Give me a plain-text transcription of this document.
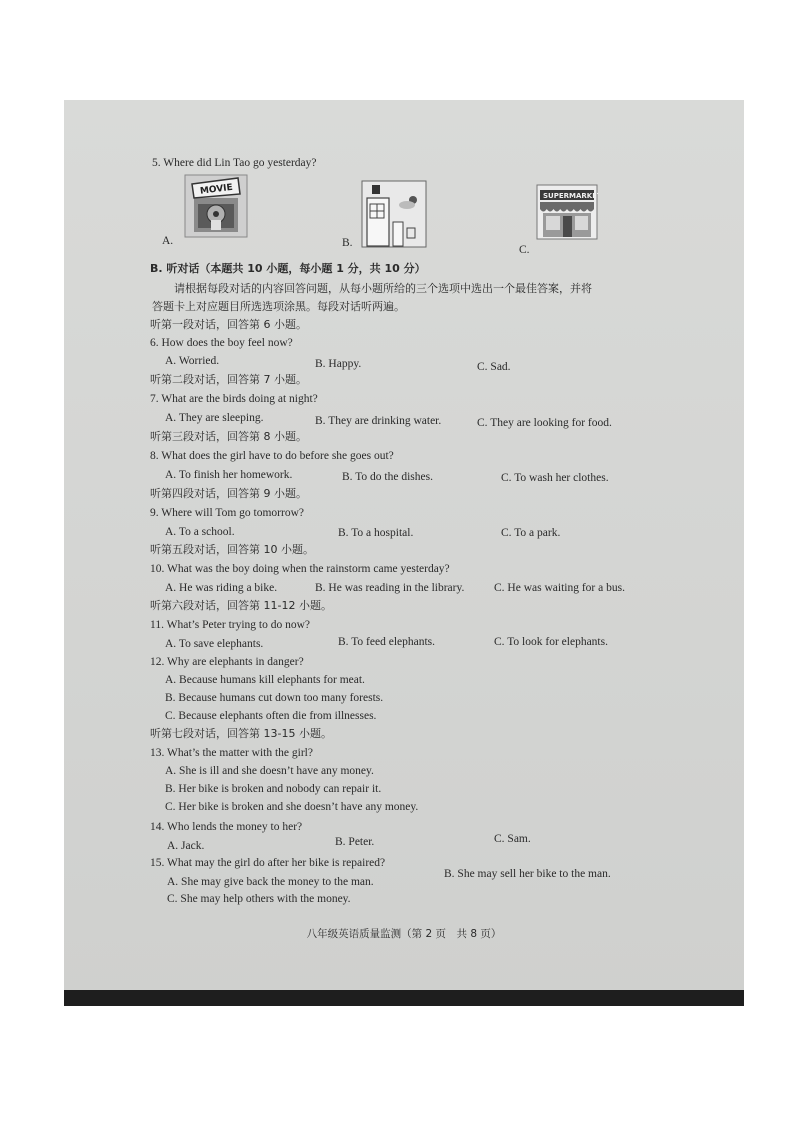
5. Where did Lin Tao go yesterday?
A.
MOVIE
B.
C.
SUPERMARKET
B. 听对话（本题共 10 小题，每小题 1 分，共 10 分）
请根据每段对话的内容回答问题，从每小题所给的三个选项中选出一个最佳答案，并将
答题卡上对应题目所选选项涂黑。每段对话听两遍。
听第一段对话，回答第 6 小题。
6. How does the boy feel now?
A. Worried.	B. Happy.	C. Sad.
听第二段对话，回答第 7 小题。
7. What are the birds doing at night?
A. They are sleeping.	B. They are drinking water.	C. They are looking for food.
听第三段对话，回答第 8 小题。
8. What does the girl have to do before she goes out?
A. To finish her homework.	B. To do the dishes.	C. To wash her clothes.
听第四段对话，回答第 9 小题。
9. Where will Tom go tomorrow?
A. To a school.	B. To a hospital.	C. To a park.
听第五段对话，回答第 10 小题。
10. What was the boy doing when the rainstorm came yesterday?
A. He was riding a bike.	B. He was reading in the library.	C. He was waiting for a bus.
听第六段对话，回答第 11-12 小题。
11. What’s Peter trying to do now?
A. To save elephants.	B. To feed elephants.	C. To look for elephants.
12. Why are elephants in danger?
A. Because humans kill elephants for meat.
B. Because humans cut down too many forests.
C. Because elephants often die from illnesses.
听第七段对话，回答第 13-15 小题。
13. What’s the matter with the girl?
A. She is ill and she doesn’t have any money.
B. Her bike is broken and nobody can repair it.
C. Her bike is broken and she doesn’t have any money.
14. Who lends the money to her?
A. Jack.	B. Peter.	C. Sam.
15. What may the girl do after her bike is repaired?
A. She may give back the money to the man.
B. She may sell her bike to the man.
C. She may help others with the money.
八年级英语质量监测（第 2 页　共 8 页）
